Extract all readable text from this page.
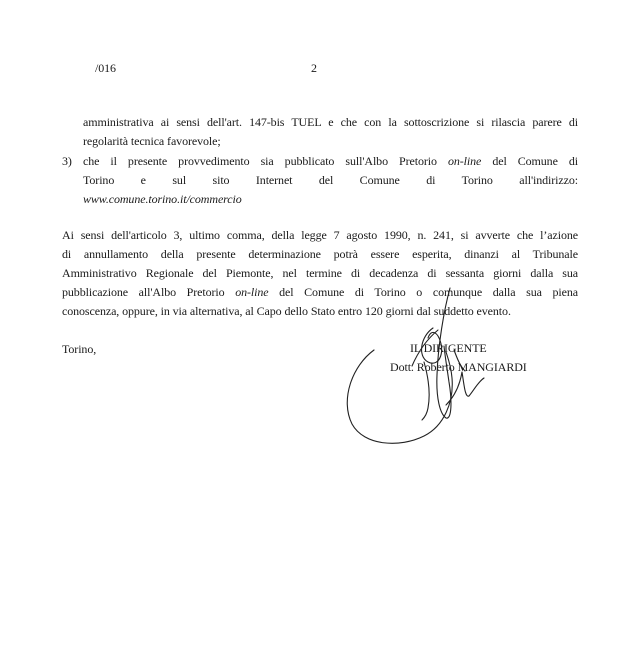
/016	2
amministrativa ai sensi dell'art. 147-bis TUEL e che con la sottoscrizione si rilascia parere di
regolarità tecnica favorevole;
3) che il presente provvedimento sia pubblicato sull'Albo Pretorio on-line del Comune di
Torino e sul sito Internet del Comune di Torino all'indirizzo:
www.comune.torino.it/commercio
Ai sensi dell'articolo 3, ultimo comma, della legge 7 agosto 1990, n. 241, si avverte che l’azione
di annullamento della presente determinazione potrà essere esperita, dinanzi al Tribunale
Amministrativo Regionale del Piemonte, nel termine di decadenza di sessanta giorni dalla sua
pubblicazione all'Albo Pretorio on-line del Comune di Torino o comunque dalla sua piena
conoscenza, oppure, in via alternativa, al Capo dello Stato entro 120 giorni dal suddetto evento.
Torino,	IL DIRIGENTE
Dott. Roberto MANGIARDI
